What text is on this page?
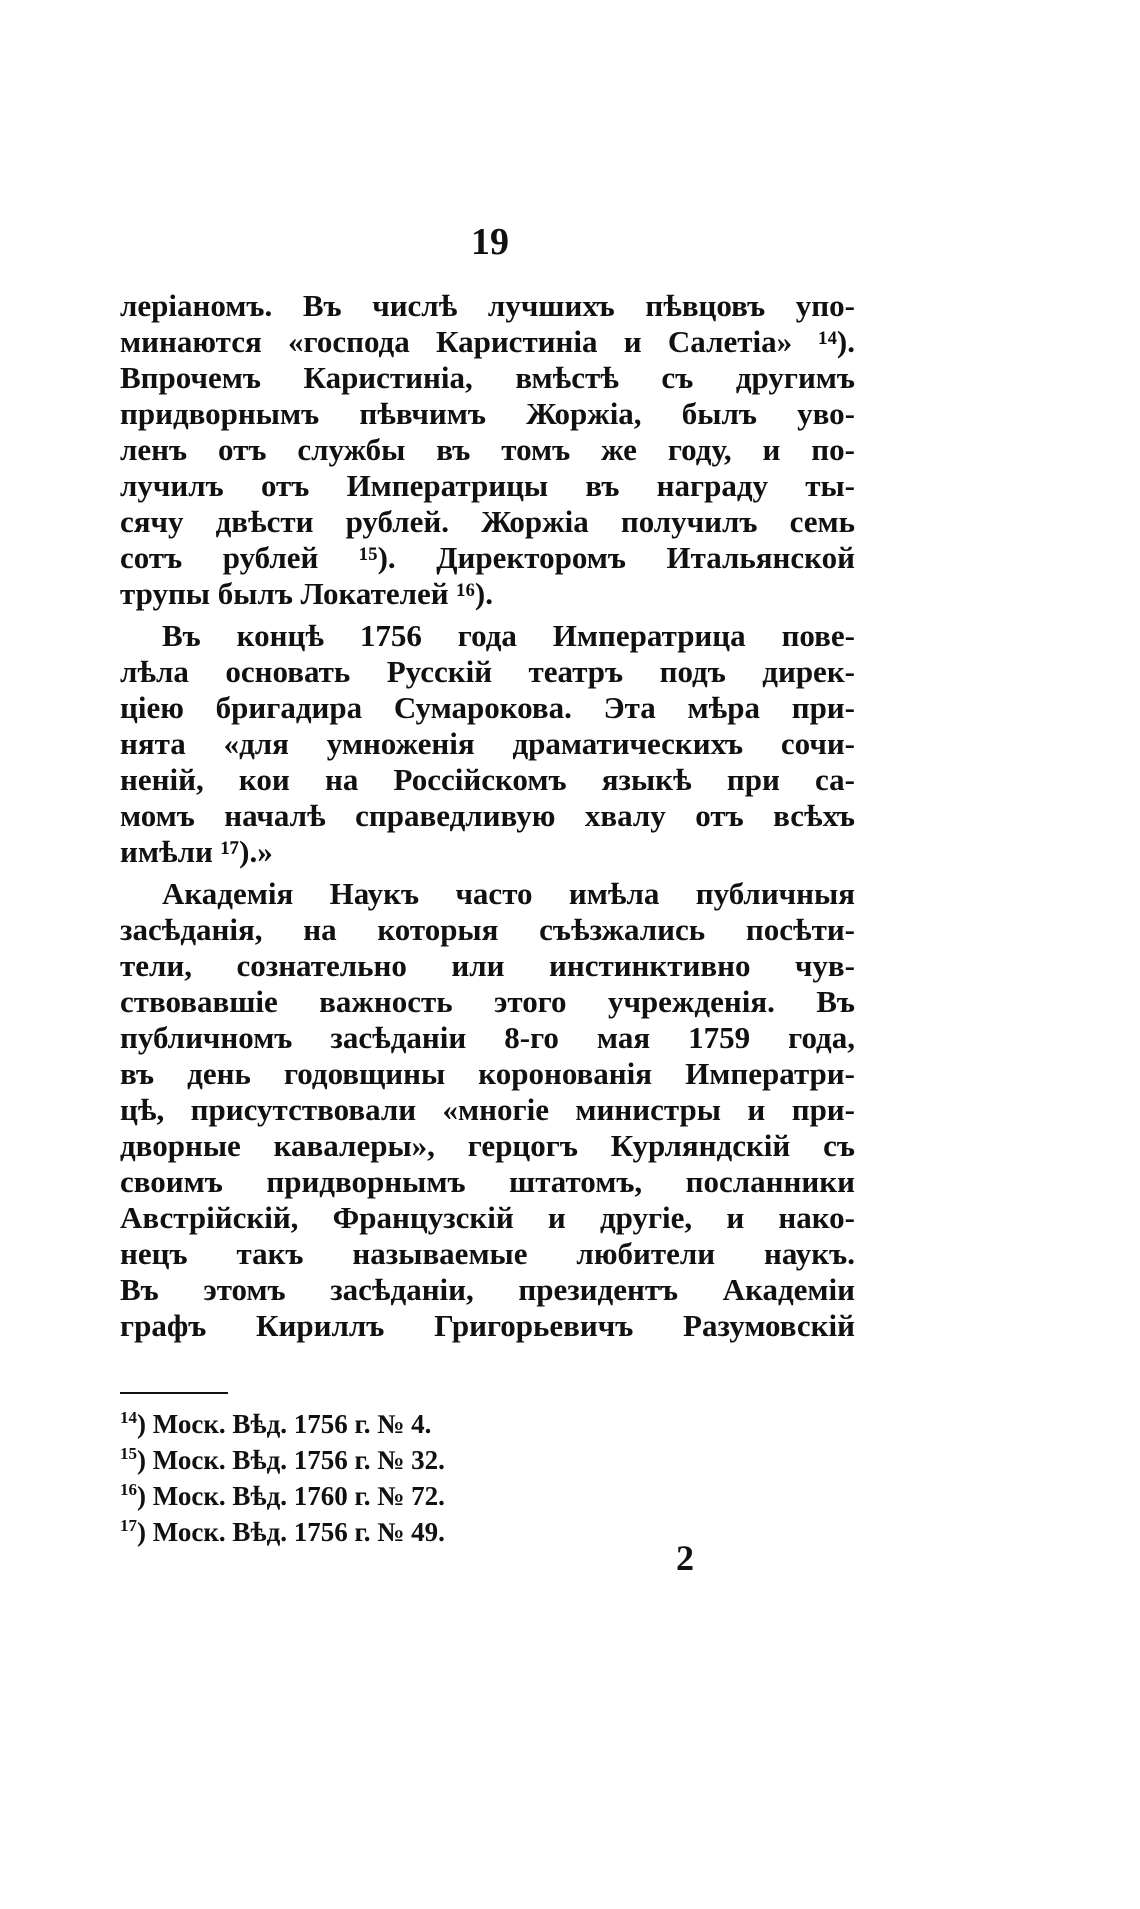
19

леріаномъ. Въ числѣ лучшихъ пѣвцовъ упо-
минаются «господа Каристиніа и Салетіа» ¹⁴).
Впрочемъ Каристиніа, вмѣстѣ съ другимъ
придворнымъ пѣвчимъ Жоржіа, былъ уво-
ленъ отъ службы въ томъ же году, и по-
лучилъ отъ Императрицы въ награду ты-
сячу двѣсти рублей. Жоржіа получилъ семь
сотъ рублей ¹⁵). Директоромъ Итальянской
трупы былъ Локателей ¹⁶).

Въ концѣ 1756 года Императрица повe-
лѣла основать Русскій театръ подъ дирек-
ціею бригадира Сумарокова. Эта мѣра при-
нята «для умноженія драматическихъ сочи-
неній, кои на Россійскомъ языкѣ при са-
момъ началѣ справедливую хвалу отъ всѣхъ
имѣли ¹⁷).»

Академія Наукъ часто имѣла публичныя
засѣданія, на которыя съѣзжались посѣти-
тели, сознательно или инстинктивно чув-
ствовавшіе важность этого учрежденія. Въ
публичномъ засѣданіи 8-го мая 1759 года,
въ день годовщины коронованія Императри-
цѣ, присутствовали «многіе министры и при-
дворные кавалеры», герцогъ Курляндскій съ
своимъ придворнымъ штатомъ, посланники
Австрійскій, Французскій и другіе, и нако-
нецъ такъ называемые любители наукъ.
Въ этомъ засѣданіи, президентъ Академіи
графъ Кириллъ Григорьевичъ Разумовскій

$^{14}$) Моск. Вѣд. 1756 г. № 4.
$^{15}$) Моск. Вѣд. 1756 г. № 32.
$^{16}$) Моск. Вѣд. 1760 г. № 72.
$^{17}$) Моск. Вѣд. 1756 г. № 49.
2
